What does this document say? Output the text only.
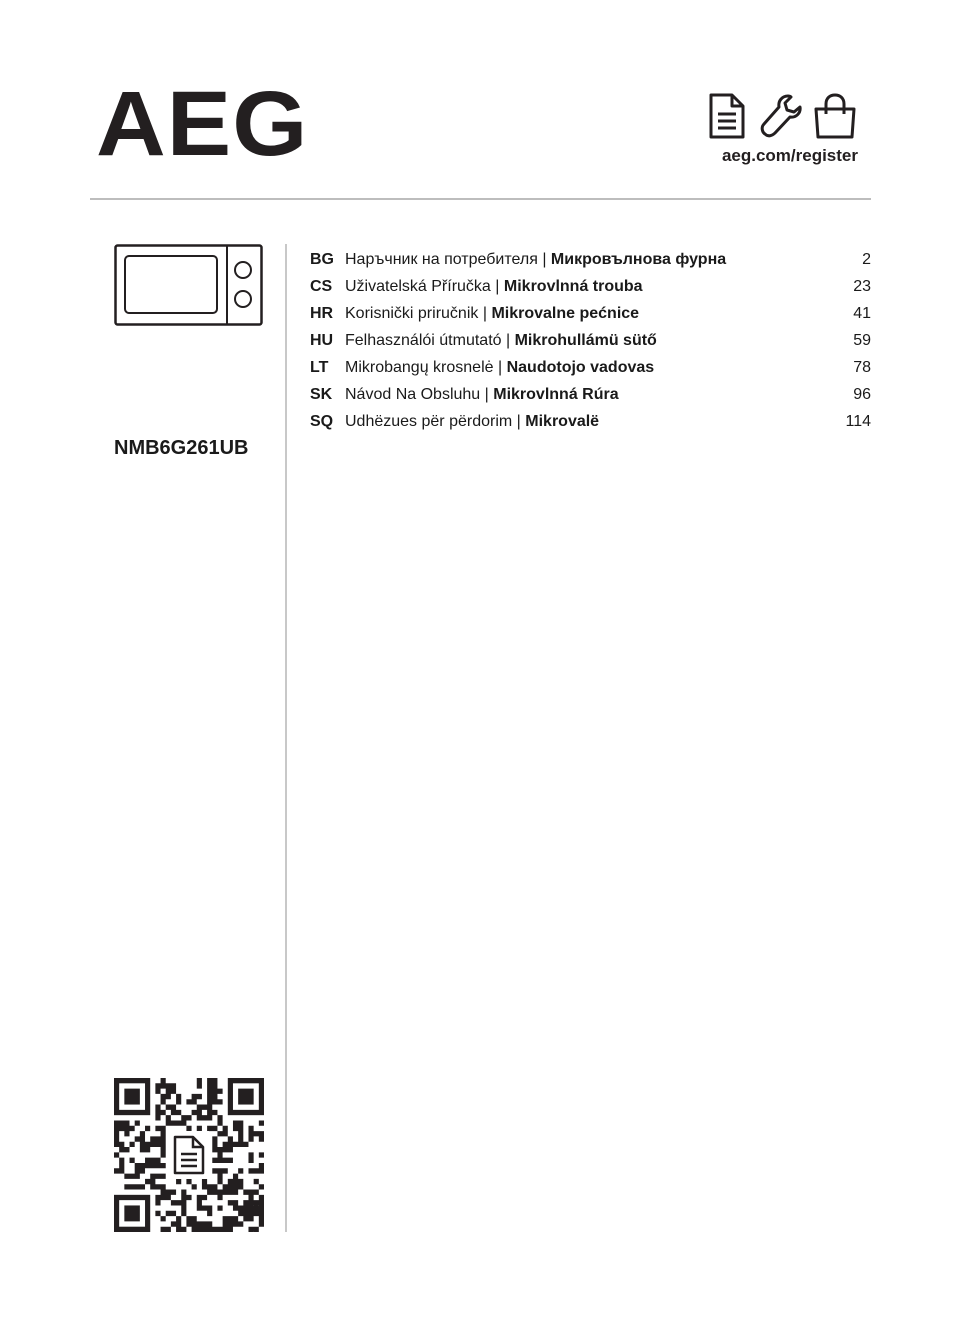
AEG	aeg.com/register
NMB6G261UB
BG Наръчник на потребителя | Микровълнова фурна	2
CS Uživatelská Příručka | Mikrovlnná trouba	23
HR Korisnički priručnik | Mikrovalne pećnice	41
HU Felhasználói útmutató | Mikrohullámü sütő	59
LT Mikrobangų krosnelė | Naudotojo vadovas	78
SK Návod Na Obsluhu | Mikrovlnná Rúra	96
SQ Udhëzues për përdorim | Mikrovalë	114
